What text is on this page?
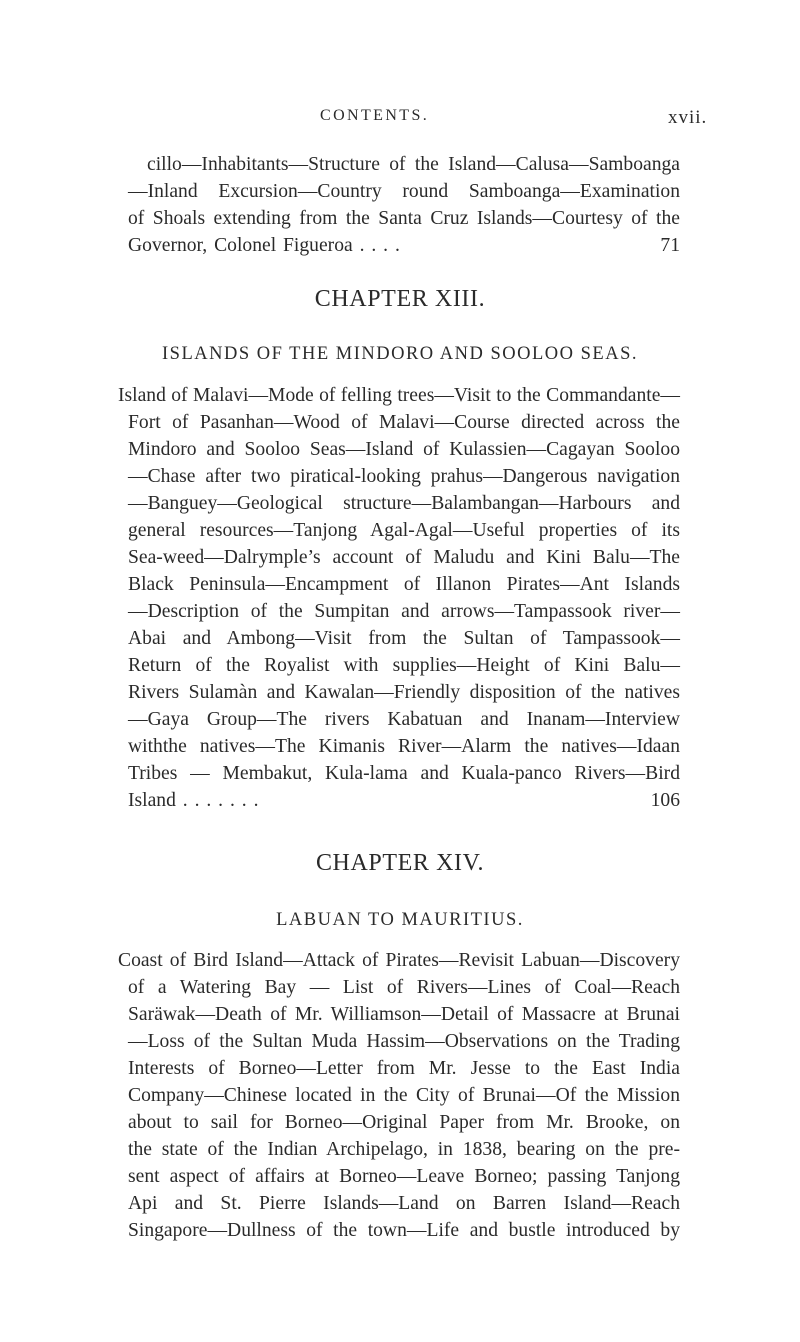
CONTENTS.	xvii.
cillo—Inhabitants—Structure of the Island—Calusa—Samboanga
—Inland Excursion—Country round Samboanga—Examination
of Shoals extending from the Santa Cruz Islands—Courtesy of the
Governor, Colonel Figueroa . . . .	71
CHAPTER XIII.
ISLANDS OF THE MINDORO AND SOOLOO SEAS.
Island of Malavi—Mode of felling trees—Visit to the Commandante—
Fort of Pasanhan—Wood of Malavi—Course directed across the
Mindoro and Sooloo Seas—Island of Kulassien—Cagayan Sooloo
—Chase after two piratical-looking prahus—Dangerous navigation
—Banguey—Geological structure—Balambangan—Harbours and
general resources—Tanjong Agal-Agal—Useful properties of its
Sea-weed—Dalrymple’s account of Maludu and Kini Balu—The
Black Peninsula—Encampment of Illanon Pirates—Ant Islands
—Description of the Sumpitan and arrows—Tampassook river—
Abai and Ambong—Visit from the Sultan of Tampassook—
Return of the Royalist with supplies—Height of Kini Balu—
Rivers Sulamàn and Kawalan—Friendly disposition of the natives
—Gaya Group—The rivers Kabatuan and Inanam—Interview
withthe natives—The Kimanis River—Alarm the natives—Idaan
Tribes — Membakut, Kula-lama and Kuala-panco Rivers—Bird
Island . . . . . . .	106
CHAPTER XIV.
LABUAN TO MAURITIUS.
Coast of Bird Island—Attack of Pirates—Revisit Labuan—Discovery
of a Watering Bay — List of Rivers—Lines of Coal—Reach
Saräwak—Death of Mr. Williamson—Detail of Massacre at Brunai
—Loss of the Sultan Muda Hassim—Observations on the Trading
Interests of Borneo—Letter from Mr. Jesse to the East India
Company—Chinese located in the City of Brunai—Of the Mission
about to sail for Borneo—Original Paper from Mr. Brooke, on
the state of the Indian Archipelago, in 1838, bearing on the pre-
sent aspect of affairs at Borneo—Leave Borneo; passing Tanjong
Api and St. Pierre Islands—Land on Barren Island—Reach
Singapore—Dullness of the town—Life and bustle introduced by
